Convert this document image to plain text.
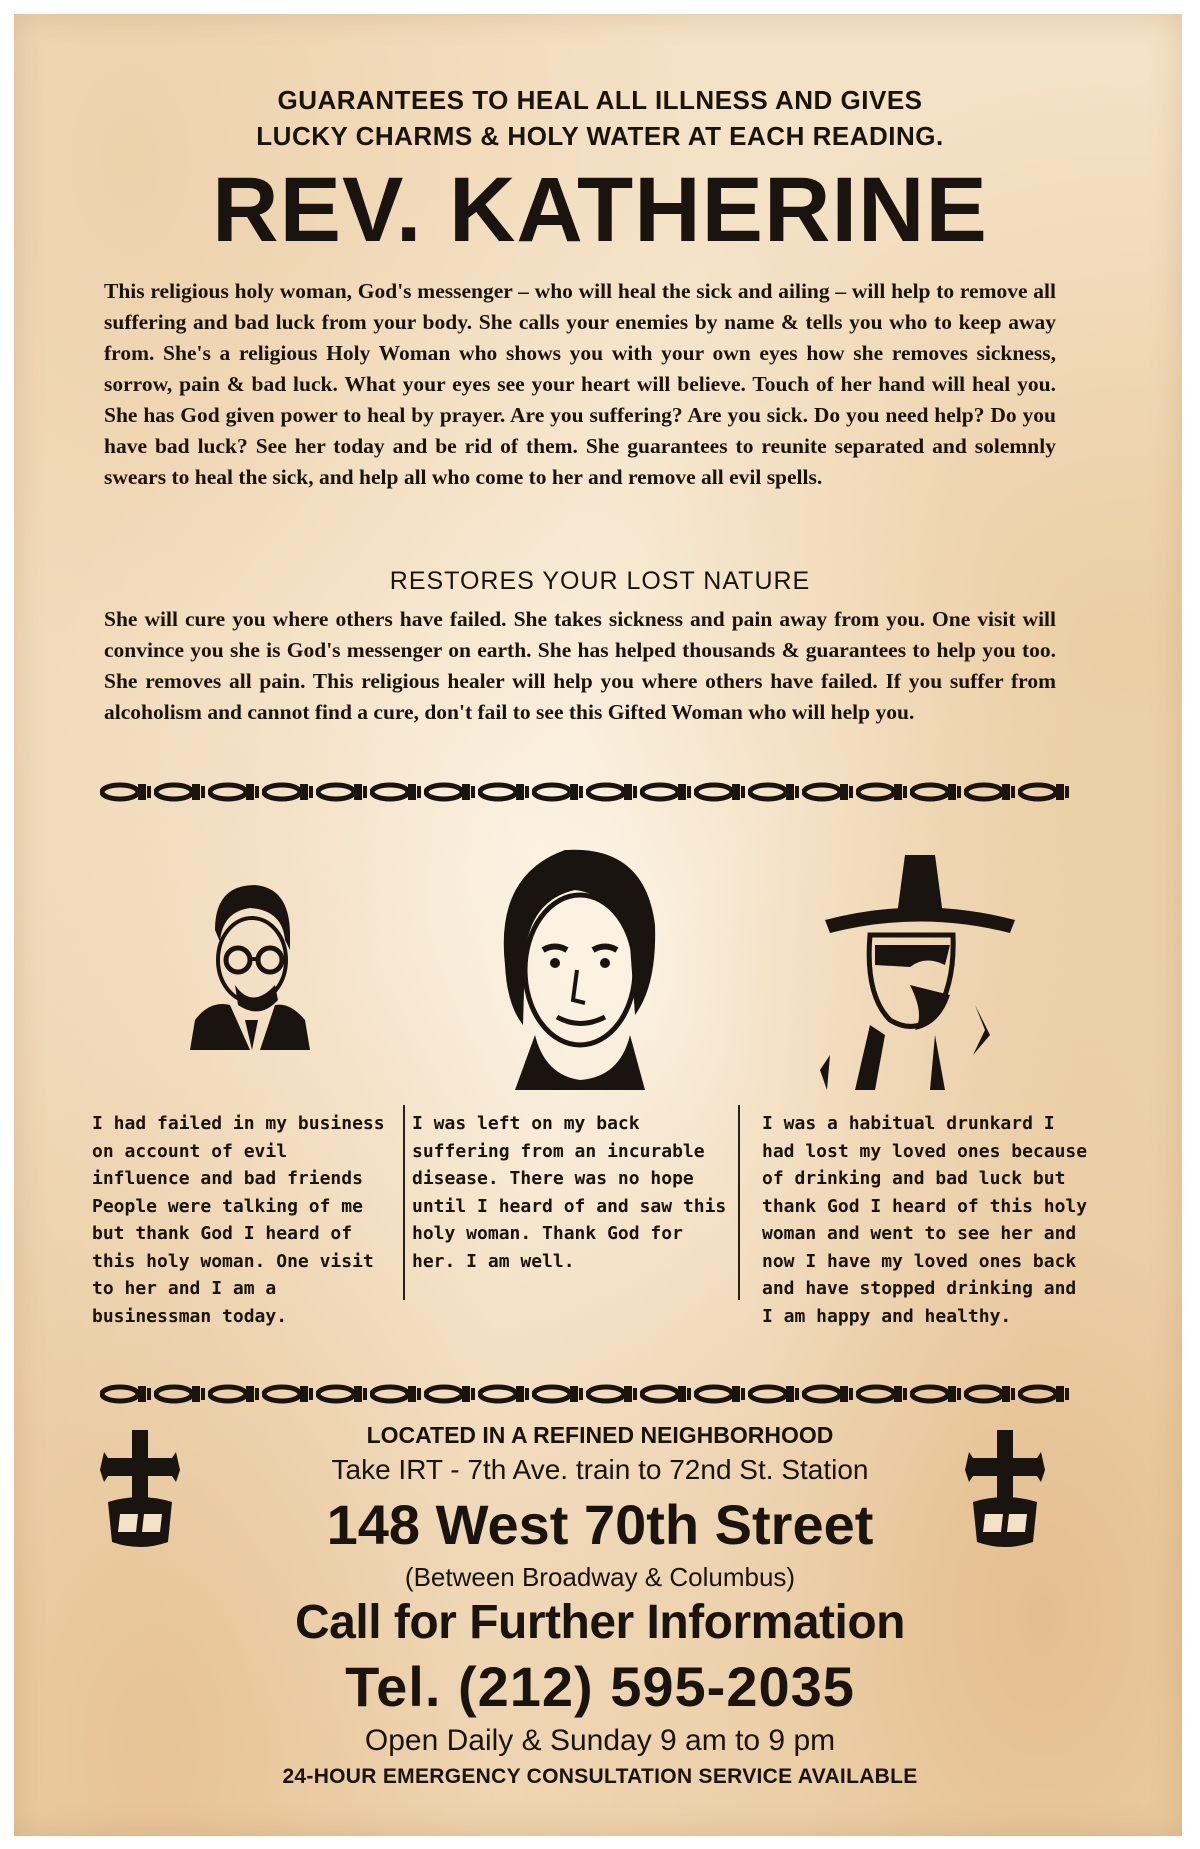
GUARANTEES TO HEAL ALL ILLNESS AND GIVES
LUCKY CHARMS & HOLY WATER AT EACH READING.
REV. KATHERINE

This religious holy woman, God's messenger – who will heal the sick and ailing – will help to remove all suffering and bad luck from your body. She calls your enemies by name & tells you who to keep away from. She's a religious Holy Woman who shows you with your own eyes how she removes sickness, sorrow, pain & bad luck. What your eyes see your heart will believe. Touch of her hand will heal you. She has God given power to heal by prayer. Are you suffering? Are you sick. Do you need help? Do you have bad luck? See her today and be rid of them. She guarantees to reunite separated and solemnly swears to heal the sick, and help all who come to her and remove all evil spells.

RESTORES YOUR LOST NATURE

She will cure you where others have failed. She takes sickness and pain away from you. One visit will convince you she is God's messenger on earth. She has helped thousands & guarantees to help you too. She removes all pain. This religious healer will help you where others have failed. If you suffer from alcoholism and cannot find a cure, don't fail to see this Gifted Woman who will help you.

I had failed in my business on account of evil influence and bad friends People were talking of me but thank God I heard of this holy woman. One visit to her and I am a businessman today.

I was left on my back suffering from an incurable disease. There was no hope until I heard of and saw this holy woman. Thank God for her. I am well.

I was a habitual drunkard I had lost my loved ones because of drinking and bad luck but thank God I heard of this holy woman and went to see her and now I have my loved ones back and have stopped drinking and I am happy and healthy.

LOCATED IN A REFINED NEIGHBORHOOD
Take IRT - 7th Ave. train to 72nd St. Station
148 West 70th Street
(Between Broadway & Columbus)
Call for Further Information
Tel. (212) 595-2035
Open Daily & Sunday 9 am to 9 pm
24-HOUR EMERGENCY CONSULTATION SERVICE AVAILABLE
